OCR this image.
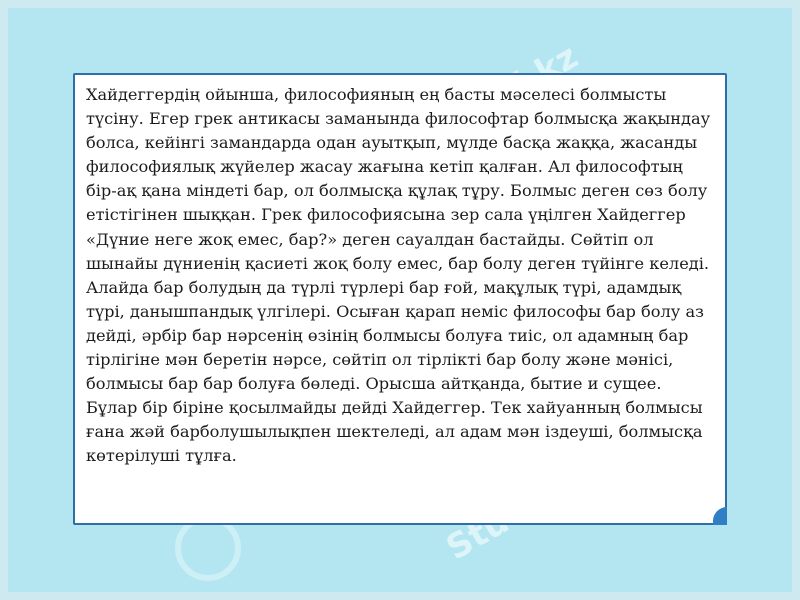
Хайдеггердің ойынша, философияның ең басты мәселесі болмысты түсіну. Егер грек антикасы заманында философтар болмысқа жақындау болса, кейінгі замандарда одан ауытқып, мүлде басқа жаққа, жасанды философиялық жүйелер жасау жағына кетіп қалған. Ал философтың бір-ақ қана міндеті бар, ол болмысқа құлақ тұру. Болмыс деген сөз болу етістігінен шыққан. Грек философиясына зер сала үңілген Хайдеггер «Дүние неге жоқ емес, бар?» деген сауалдан бастайды. Сөйтіп ол шынайы дүниенің қасиеті жоқ болу емес, бар болу деген түйінге келеді. Алайда бар болудың да түрлі түрлері бар ғой, мақұлық түрі, адамдық түрі, данышпандық үлгілері. Осыған қарап неміс философы бар болу аз дейді, әрбір бар нәрсенің өзінің болмысы болуға тиіс, ол адамның бар тірлігіне мән беретін нәрсе, сөйтіп ол тірлікті бар болу және мәнісі, болмысы бар бар болуға бөледі. Орысша айтқанда, бытие и сущее. Бұлар бір біріне қосылмайды дейді Хайдеггер. Тек хайуанның болмысы ғана жәй барболушылықпен шектеледі, ал адам мән іздеуші, болмысқа көтерілуші тұлға.
